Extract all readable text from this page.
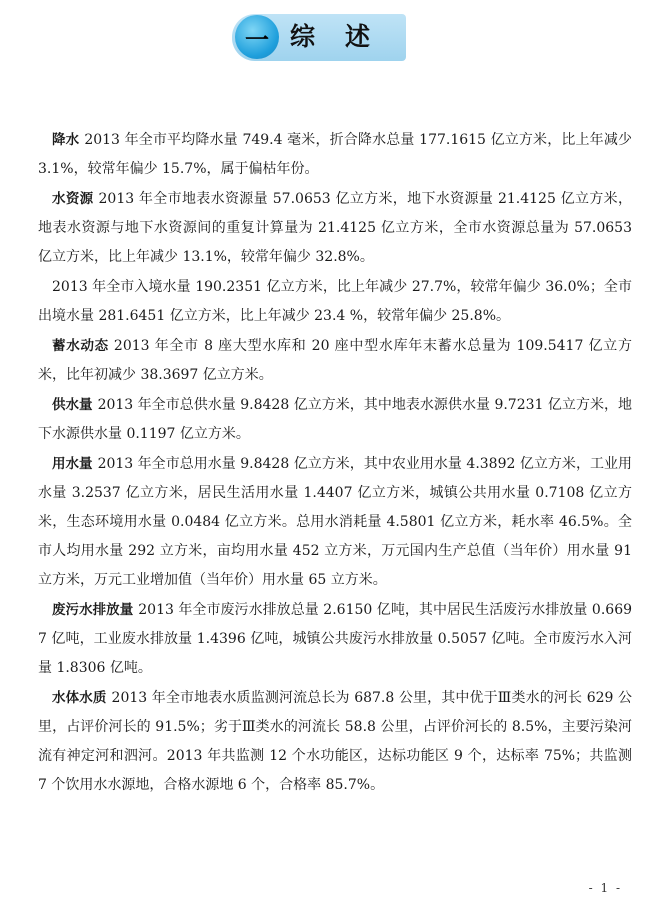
一 综述

降水 2013 年全市平均降水量 749.4 毫米，折合降水总量 177.1615 亿立方米，比上年减少 3.1%，较常年偏少 15.7%，属于偏枯年份。

水资源 2013 年全市地表水资源量 57.0653 亿立方米，地下水资源量 21.4125 亿立方米，地表水资源与地下水资源间的重复计算量为 21.4125 亿立方米，全市水资源总量为 57.0653 亿立方米，比上年减少 13.1%，较常年偏少 32.8%。

2013 年全市入境水量 190.2351 亿立方米，比上年减少 27.7%，较常年偏少 36.0%；全市出境水量 281.6451 亿立方米，比上年减少 23.4 %，较常年偏少 25.8%。

蓄水动态 2013 年全市 8 座大型水库和 20 座中型水库年末蓄水总量为 109.5417 亿立方米，比年初减少 38.3697 亿立方米。

供水量 2013 年全市总供水量 9.8428 亿立方米，其中地表水源供水量 9.7231 亿立方米，地下水源供水量 0.1197 亿立方米。

用水量 2013 年全市总用水量 9.8428 亿立方米，其中农业用水量 4.3892 亿立方米，工业用水量 3.2537 亿立方米，居民生活用水量 1.4407 亿立方米，城镇公共用水量 0.7108 亿立方米，生态环境用水量 0.0484 亿立方米。总用水消耗量 4.5801 亿立方米，耗水率 46.5%。全市人均用水量 292 立方米，亩均用水量 452 立方米，万元国内生产总值（当年价）用水量 91 立方米，万元工业增加值（当年价）用水量 65 立方米。

废污水排放量 2013 年全市废污水排放总量 2.6150 亿吨，其中居民生活废污水排放量 0.6697 亿吨，工业废水排放量 1.4396 亿吨，城镇公共废污水排放量 0.5057 亿吨。全市废污水入河量 1.8306 亿吨。

水体水质 2013 年全市地表水质监测河流总长为 687.8 公里，其中优于Ⅲ类水的河长 629 公里，占评价河长的 91.5%；劣于Ⅲ类水的河流长 58.8 公里，占评价河长的 8.5%，主要污染河流有神定河和泗河。2013 年共监测 12 个水功能区，达标功能区 9 个，达标率 75%；共监测 7 个饮用水水源地，合格水源地 6 个，合格率 85.7%。

- 1 -
